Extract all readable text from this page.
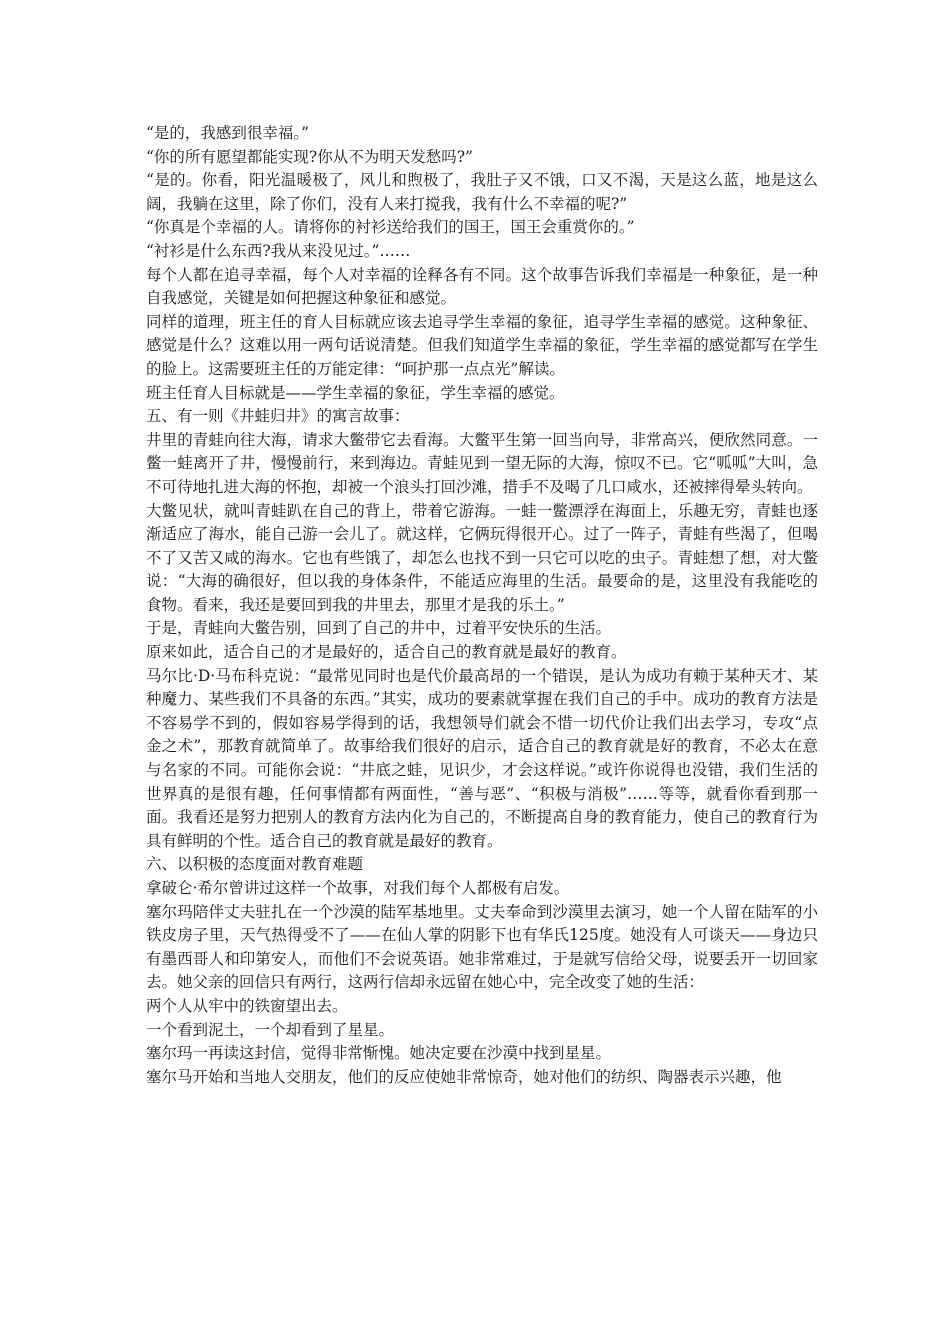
“是的，我感到很幸福。”

“你的所有愿望都能实现?你从不为明天发愁吗?”

“是的。你看，阳光温暖极了，风儿和煦极了，我肚子又不饿，口又不渴，天是这么蓝，地是这么阔，我躺在这里，除了你们，没有人来打搅我，我有什么不幸福的呢?”

“你真是个幸福的人。请将你的衬衫送给我们的国王，国王会重赏你的。”

“衬衫是什么东西?我从来没见过。”……

每个人都在追寻幸福，每个人对幸福的诠释各有不同。这个故事告诉我们幸福是一种象征，是一种自我感觉，关键是如何把握这种象征和感觉。

同样的道理，班主任的育人目标就应该去追寻学生幸福的象征，追寻学生幸福的感觉。这种象征、感觉是什么？这难以用一两句话说清楚。但我们知道学生幸福的象征，学生幸福的感觉都写在学生的脸上。这需要班主任的万能定律：“呵护那一点点光”解读。

班主任育人目标就是——学生幸福的象征，学生幸福的感觉。

五、有一则《井蛙归井》的寓言故事：

井里的青蛙向往大海，请求大鳖带它去看海。大鳖平生第一回当向导，非常高兴，便欣然同意。一鳖一蛙离开了井，慢慢前行，来到海边。青蛙见到一望无际的大海，惊叹不已。它“呱呱”大叫，急不可待地扎进大海的怀抱，却被一个浪头打回沙滩，措手不及喝了几口咸水，还被摔得晕头转向。

大鳖见状，就叫青蛙趴在自己的背上，带着它游海。一蛙一鳖漂浮在海面上，乐趣无穷，青蛙也逐渐适应了海水，能自己游一会儿了。就这样，它俩玩得很开心。过了一阵子，青蛙有些渴了，但喝不了又苦又咸的海水。它也有些饿了，却怎么也找不到一只它可以吃的虫子。青蛙想了想，对大鳖说：“大海的确很好，但以我的身体条件，不能适应海里的生活。最要命的是，这里没有我能吃的食物。看来，我还是要回到我的井里去，那里才是我的乐土。”

于是，青蛙向大鳖告别，回到了自己的井中，过着平安快乐的生活。

原来如此，适合自己的才是最好的，适合自己的教育就是最好的教育。

马尔比·D·马布科克说：“最常见同时也是代价最高昂的一个错误，是认为成功有赖于某种天才、某种魔力、某些我们不具备的东西。”其实，成功的要素就掌握在我们自己的手中。成功的教育方法是不容易学不到的，假如容易学得到的话，我想领导们就会不惜一切代价让我们出去学习，专攻“点金之术”，那教育就简单了。故事给我们很好的启示，适合自己的教育就是好的教育，不必太在意与名家的不同。可能你会说：“井底之蛙，见识少，才会这样说。”或许你说得也没错，我们生活的世界真的是很有趣，任何事情都有两面性，“善与恶”、“积极与消极”……等等，就看你看到那一面。我看还是努力把别人的教育方法内化为自己的，不断提高自身的教育能力，使自己的教育行为具有鲜明的个性。适合自己的教育就是最好的教育。

六、以积极的态度面对教育难题

拿破仑·希尔曾讲过这样一个故事，对我们每个人都极有启发。

塞尔玛陪伴丈夫驻扎在一个沙漠的陆军基地里。丈夫奉命到沙漠里去演习，她一个人留在陆军的小铁皮房子里，天气热得受不了——在仙人掌的阴影下也有华氏125度。她没有人可谈天——身边只有墨西哥人和印第安人，而他们不会说英语。她非常难过，于是就写信给父母，说要丢开一切回家去。她父亲的回信只有两行，这两行信却永远留在她心中，完全改变了她的生活：

两个人从牢中的铁窗望出去。

一个看到泥土，一个却看到了星星。

塞尔玛一再读这封信，觉得非常惭愧。她决定要在沙漠中找到星星。

塞尔马开始和当地人交朋友，他们的反应使她非常惊奇，她对他们的纺织、陶器表示兴趣，他
